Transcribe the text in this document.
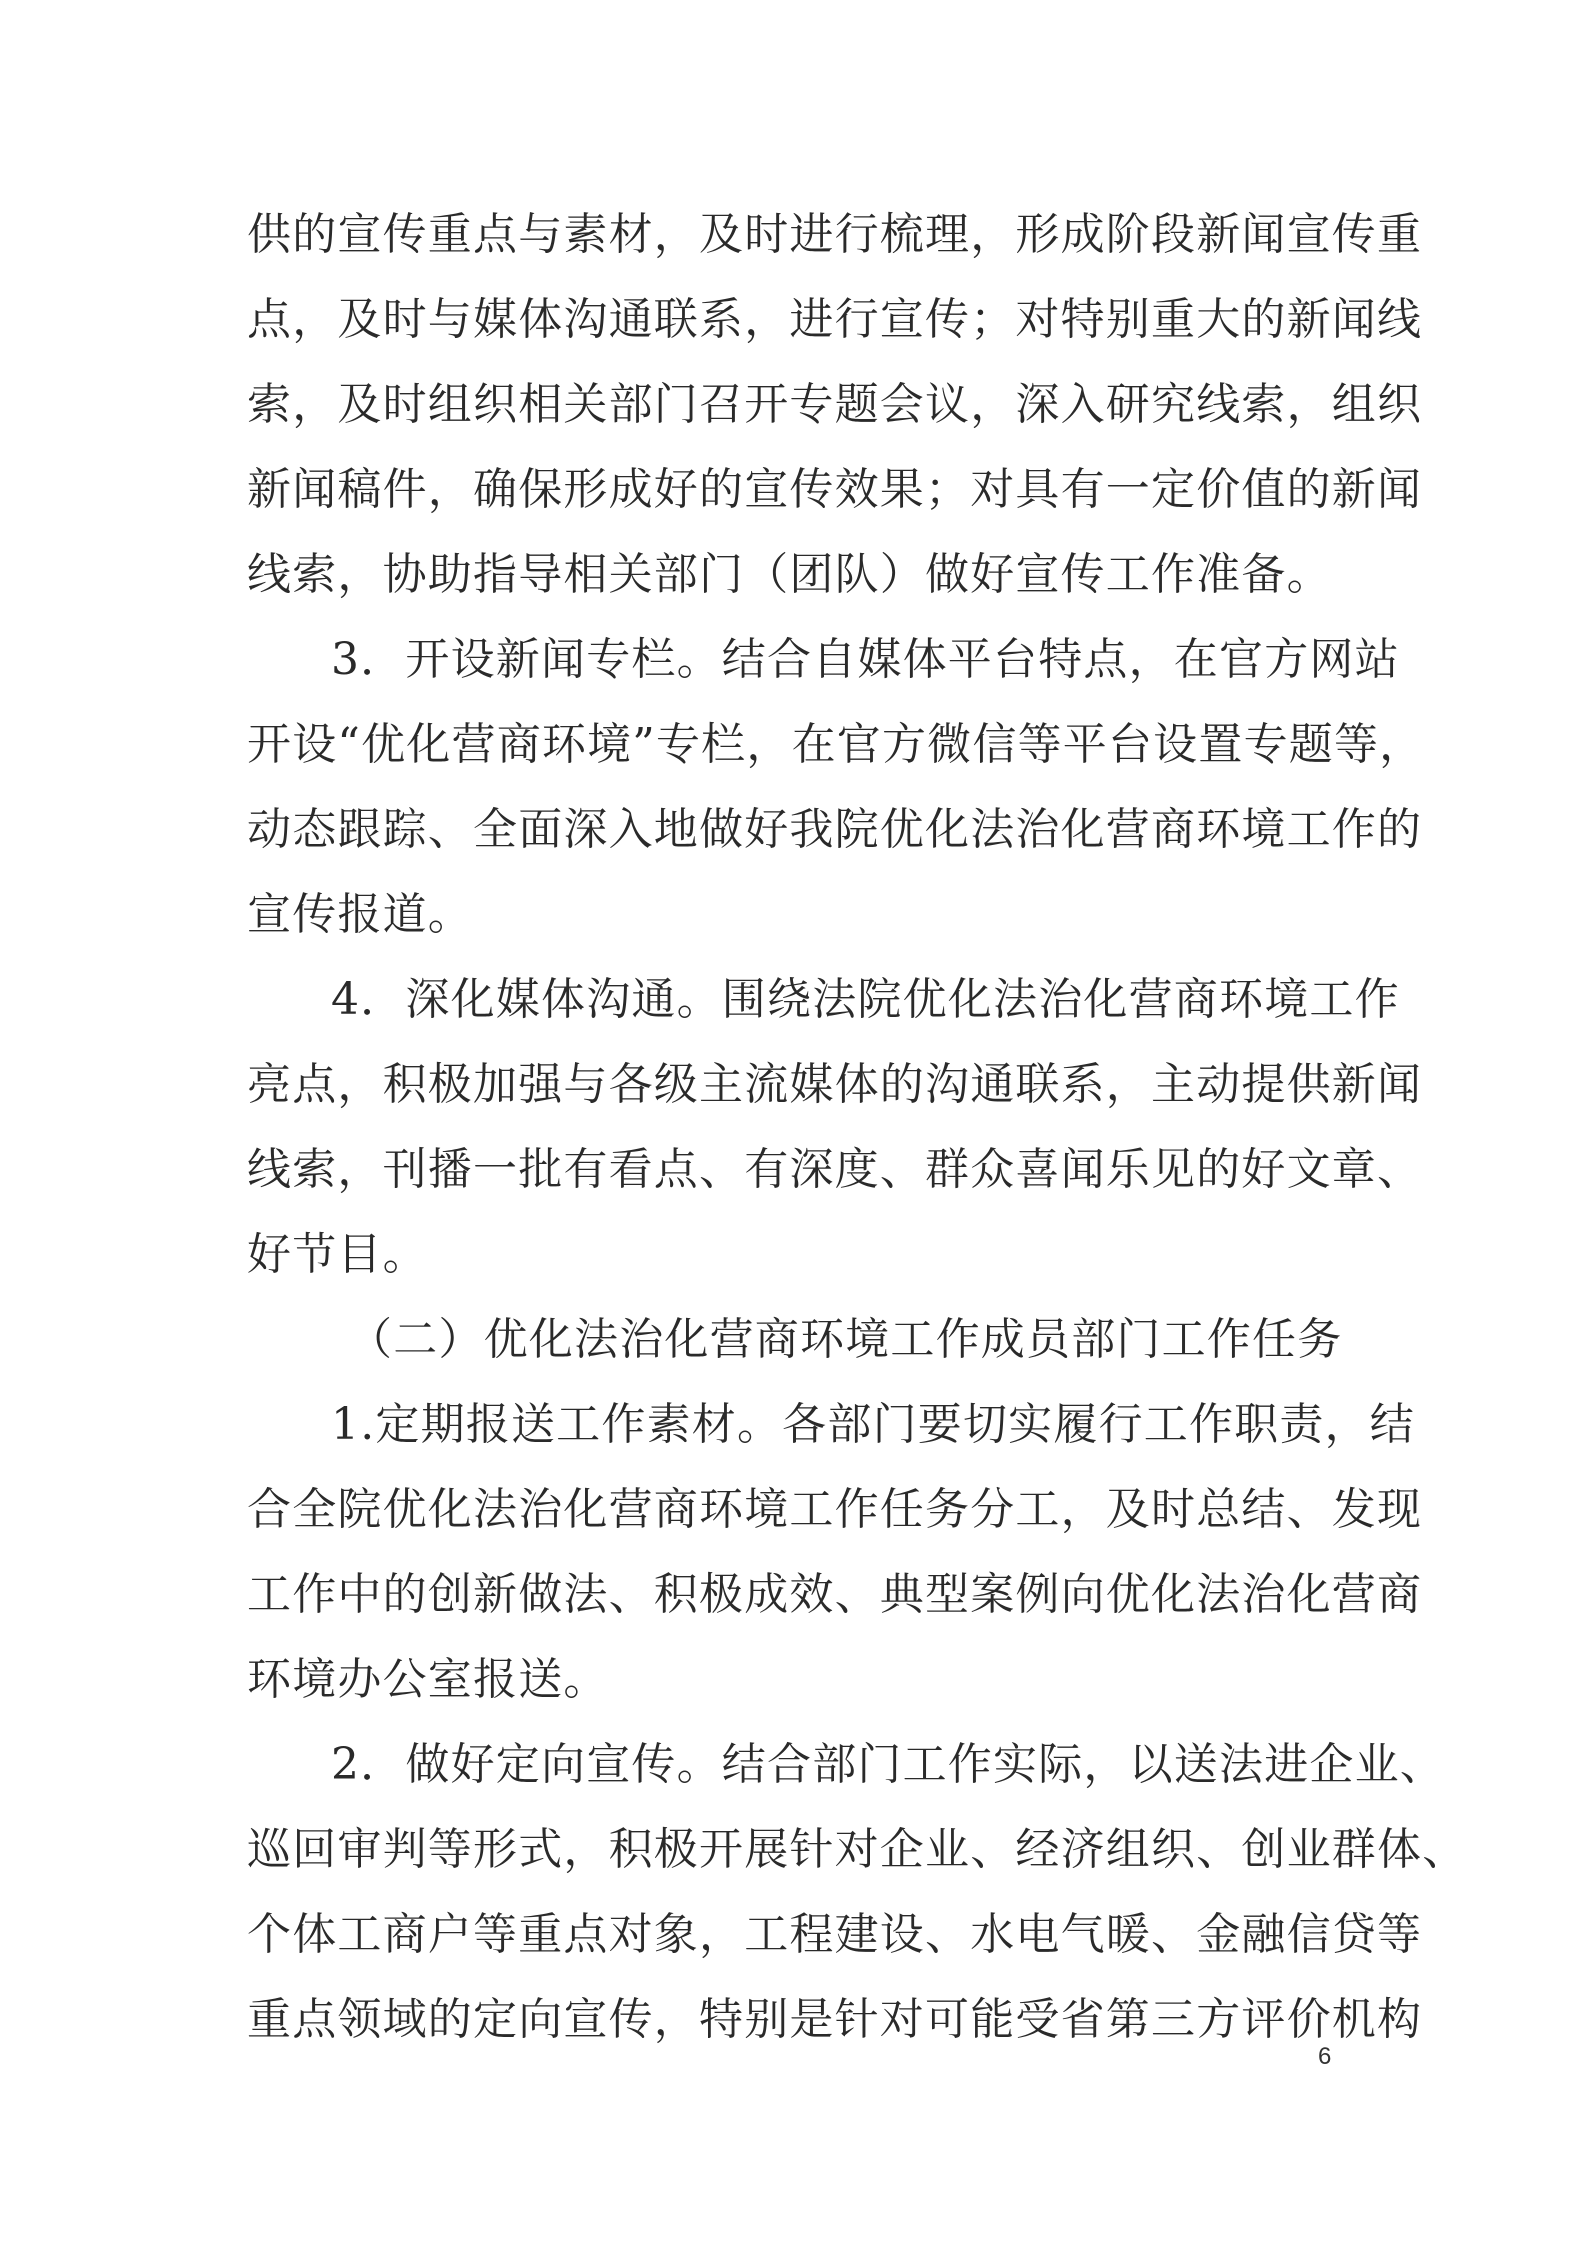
供的宣传重点与素材，及时进行梳理，形成阶段新闻宣传重
点，及时与媒体沟通联系，进行宣传；对特别重大的新闻线
索，及时组织相关部门召开专题会议，深入研究线索，组织
新闻稿件，确保形成好的宣传效果；对具有一定价值的新闻
线索，协助指导相关部门（团队）做好宣传工作准备。
3．开设新闻专栏。结合自媒体平台特点，在官方网站
开设“优化营商环境”专栏，在官方微信等平台设置专题等，
动态跟踪、全面深入地做好我院优化法治化营商环境工作的
宣传报道。
4．深化媒体沟通。围绕法院优化法治化营商环境工作
亮点，积极加强与各级主流媒体的沟通联系，主动提供新闻
线索，刊播一批有看点、有深度、群众喜闻乐见的好文章、
好节目。
（二）优化法治化营商环境工作成员部门工作任务
1.定期报送工作素材。各部门要切实履行工作职责，结
合全院优化法治化营商环境工作任务分工，及时总结、发现
工作中的创新做法、积极成效、典型案例向优化法治化营商
环境办公室报送。
2．做好定向宣传。结合部门工作实际，以送法进企业、
巡回审判等形式，积极开展针对企业、经济组织、创业群体、
个体工商户等重点对象，工程建设、水电气暖、金融信贷等
重点领域的定向宣传，特别是针对可能受省第三方评价机构
6
